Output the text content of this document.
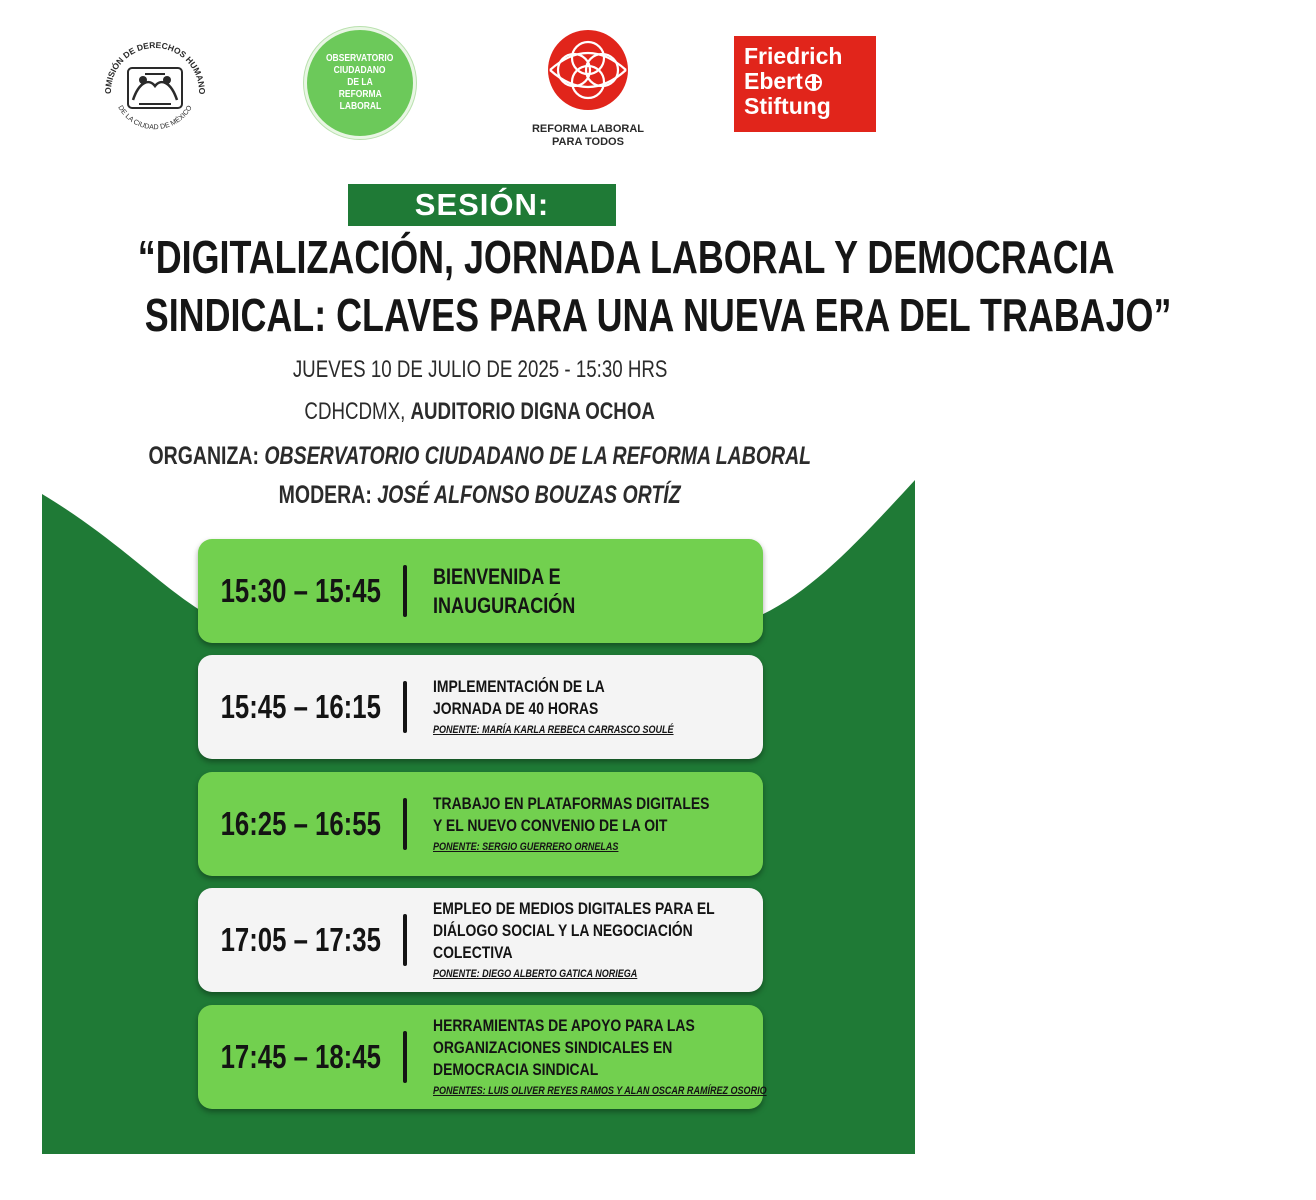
OMISIÓN DE DERECHOS HUMANO
DE LA CIUDAD DE MÉXICO
OBSERVATORIO
CIUDADANO
DE LA
REFORMA
LABORAL
REFORMA LABORAL
PARA TODOS
Friedrich
Ebert
Stiftung
SESIÓN:
“DIGITALIZACIÓN, JORNADA LABORAL Y DEMOCRACIA
SINDICAL: CLAVES PARA UNA NUEVA ERA DEL TRABAJO”
JUEVES 10 DE JULIO DE 2025 - 15:30 HRS
CDHCDMX, AUDITORIO DIGNA OCHOA
ORGANIZA: OBSERVATORIO CIUDADANO DE LA REFORMA LABORAL
MODERA: JOSÉ ALFONSO BOUZAS ORTÍZ
15:30 – 15:45	BIENVENIDA E
INAUGURACIÓN
15:45 – 16:15
IMPLEMENTACIÓN DE LA
JORNADA DE 40 HORAS
PONENTE: MARÍA KARLA REBECA CARRASCO SOULÉ
16:25 – 16:55
TRABAJO EN PLATAFORMAS DIGITALES
Y EL NUEVO CONVENIO DE LA OIT
PONENTE: SERGIO GUERRERO ORNELAS
17:05 – 17:35
EMPLEO DE MEDIOS DIGITALES PARA EL
DIÁLOGO SOCIAL Y LA NEGOCIACIÓN
COLECTIVA
PONENTE: DIEGO ALBERTO GATICA NORIEGA
17:45 – 18:45
HERRAMIENTAS DE APOYO PARA LAS
ORGANIZACIONES SINDICALES EN
DEMOCRACIA SINDICAL
PONENTES: LUIS OLIVER REYES RAMOS Y ALAN OSCAR RAMÍREZ OSORIO
